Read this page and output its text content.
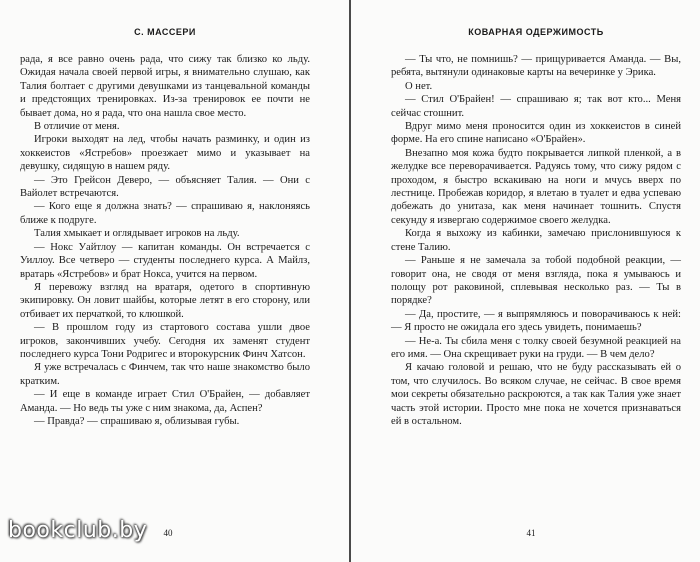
С. МАССЕРИ

рада, я все равно очень рада, что сижу так близко ко льду. Ожидая начала своей первой игры, я внимательно слушаю, как Талия болтает с другими девушками из танцевальной команды и предстоящих тренировках. Из-за тренировок ее почти не бывает дома, но я рада, что она нашла свое место.

В отличие от меня.

Игроки выходят на лед, чтобы начать разминку, и один из хоккеистов «Ястребов» проезжает мимо и указывает на девушку, сидящую в нашем ряду.

— Это Грейсон Деверо, — объясняет Талия. — Они с Вайолет встречаются.

— Кого еще я должна знать? — спрашиваю я, наклоняясь ближе к подруге.

Талия хмыкает и оглядывает игроков на льду.

— Нокс Уайтлоу — капитан команды. Он встречается с Уиллоу. Все четверо — студенты последнего курса. А Майлз, вратарь «Ястребов» и брат Нокса, учится на первом.

Я перевожу взгляд на вратаря, одетого в спортивную экипировку. Он ловит шайбы, которые летят в его сторону, или отбивает их перчаткой, то клюшкой.

— В прошлом году из стартового состава ушли двое игроков, закончивших учебу. Сегодня их заменят студент последнего курса Тони Родригес и второкурсник Финч Хатсон.

Я уже встречалась с Финчем, так что наше знакомство было кратким.

— И еще в команде играет Стил О'Брайен, — добавляет Аманда. — Но ведь ты уже с ним знакома, да, Аспен?

— Правда? — спрашиваю я, облизывая губы.

40
КОВАРНАЯ ОДЕРЖИМОСТЬ

— Ты что, не помнишь? — прищуривается Аманда. — Вы, ребята, вытянули одинаковые карты на вечеринке у Эрика.

О нет.

— Стил О'Брайен! — спрашиваю я; так вот кто... Меня сейчас стошнит.

Вдруг мимо меня проносится один из хоккеистов в синей форме. На его спине написано «О'Брайен».

Внезапно моя кожа будто покрывается липкой пленкой, а в желудке все переворачивается. Радуясь тому, что сижу рядом с проходом, я быстро вскакиваю на ноги и мчусь вверх по лестнице. Пробежав коридор, я влетаю в туалет и едва успеваю добежать до унитаза, как меня начинает тошнить. Спустя секунду я извергаю содержимое своего желудка.

Когда я выхожу из кабинки, замечаю прислонившуюся к стене Талию.

— Раньше я не замечала за тобой подобной реакции, — говорит она, не сводя от меня взгляда, пока я умываюсь и полощу рот раковиной, сплевывая несколько раз. — Ты в порядке?

— Да, простите, — я выпрямляюсь и поворачиваюсь к ней: — Я просто не ожидала его здесь увидеть, понимаешь?

— Не-а. Ты сбила меня с толку своей безумной реакцией на его имя. — Она скрещивает руки на груди. — В чем дело?

Я качаю головой и решаю, что не буду рассказывать ей о том, что случилось. Во всяком случае, не сейчас. В свое время мои секреты обязательно раскроются, а так как Талия уже знает часть этой истории. Просто мне пока не хочется признаваться ей в остальном.

41
bookclub.by
